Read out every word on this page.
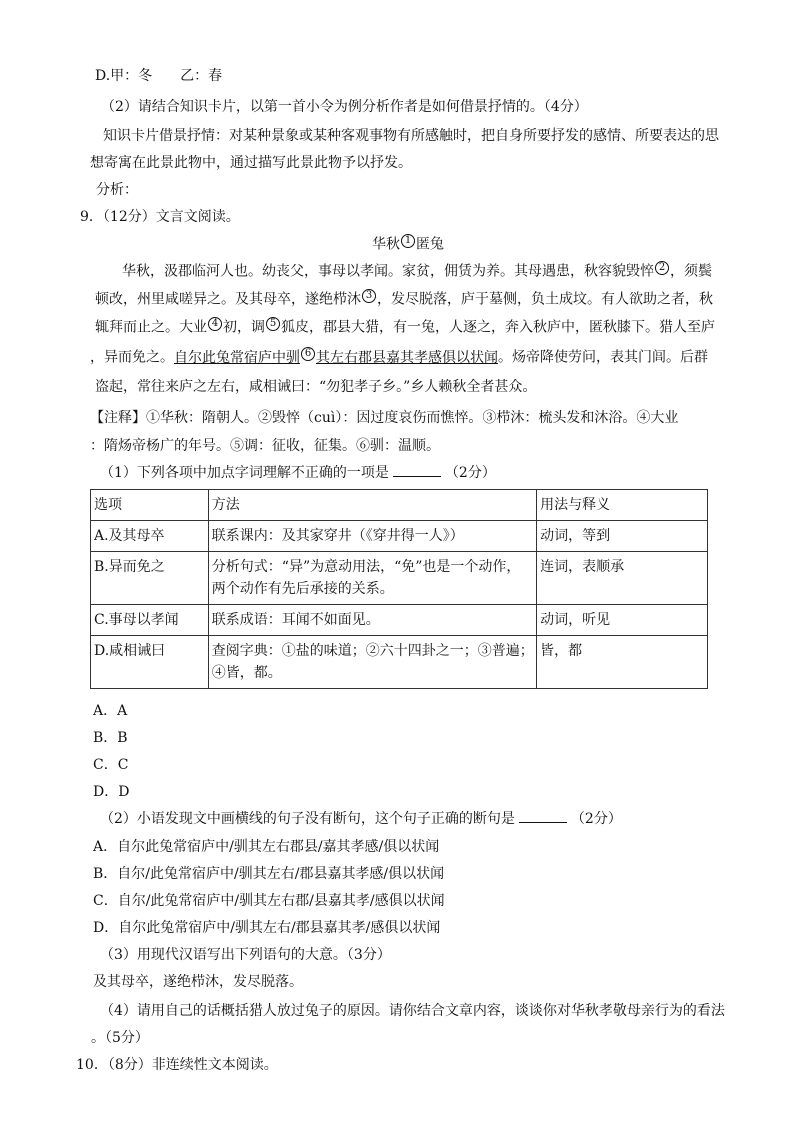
D.甲：冬　　乙：春
（2）请结合知识卡片，以第一首小令为例分析作者是如何借景抒情的。（4分）
知识卡片借景抒情：对某种景象或某种客观事物有所感触时，把自身所要抒发的感情、所要表达的思
想寄寓在此景此物中，通过描写此景此物予以抒发。
分析：
9．（12分）文言文阅读。
华秋 1 匿兔
华秋，汲郡临河人也。幼丧父，事母以孝闻。家贫，佣赁为养。其母遇患，秋容貌毁悴 2 ，须鬓
顿改，州里咸嗟异之。及其母卒，遂绝栉沐 3 ，发尽脱落，庐于墓侧，负土成坟。有人欲助之者，秋
辄拜而止之。大业 4 初，调 5 狐皮，郡县大猎，有一兔，人逐之，奔入秋庐中，匿秋膝下。猎人至庐
，异而免之。自尔此兔常宿庐中驯 6 其左右郡县嘉其孝感俱以状闻。炀帝降使劳问，表其门闾。后群
盗起，常往来庐之左右，咸相诫曰：“勿犯孝子乡。”乡人赖秋全者甚众。
【注释】①华秋：隋朝人。②毁悴（cuì）：因过度哀伤而憔悴。③栉沐：梳头发和沐浴。④大业
：隋炀帝杨广的年号。⑤调：征收，征集。⑥驯：温顺。
（1）下列各项中加点字词理解不正确的一项是	（2分）
选项	方法	用法与释义
A.及其母卒	联系课内：及其家穿井（《穿井得一人》）	动词，等到
B.异而免之	分析句式：“异”为意动用法，“免”也是一个动作，两个动作有先后承接的关系。	连词，表顺承
C.事母以孝闻	联系成语：耳闻不如面见。	动词，听见
D.咸相诫曰	查阅字典：①盐的味道；②六十四卦之一；③普遍；④皆，都。	皆，都
A．A
B．B
C．C
D．D
（2）小语发现文中画横线的句子没有断句，这个句子正确的断句是	（2分）
A．自尔此兔常宿庐中/驯其左右郡县/嘉其孝感/俱以状闻
B．自尔/此兔常宿庐中/驯其左右/郡县嘉其孝感/俱以状闻
C．自尔/此兔常宿庐中/驯其左右郡/县嘉其孝/感俱以状闻
D．自尔此兔常宿庐中/驯其左右/郡县嘉其孝/感俱以状闻
（3）用现代汉语写出下列语句的大意。（3分）
及其母卒，遂绝栉沐，发尽脱落。
（4）请用自己的话概括猎人放过兔子的原因。请你结合文章内容，谈谈你对华秋孝敬母亲行为的看法
。（5分）
10．（8分）非连续性文本阅读。
